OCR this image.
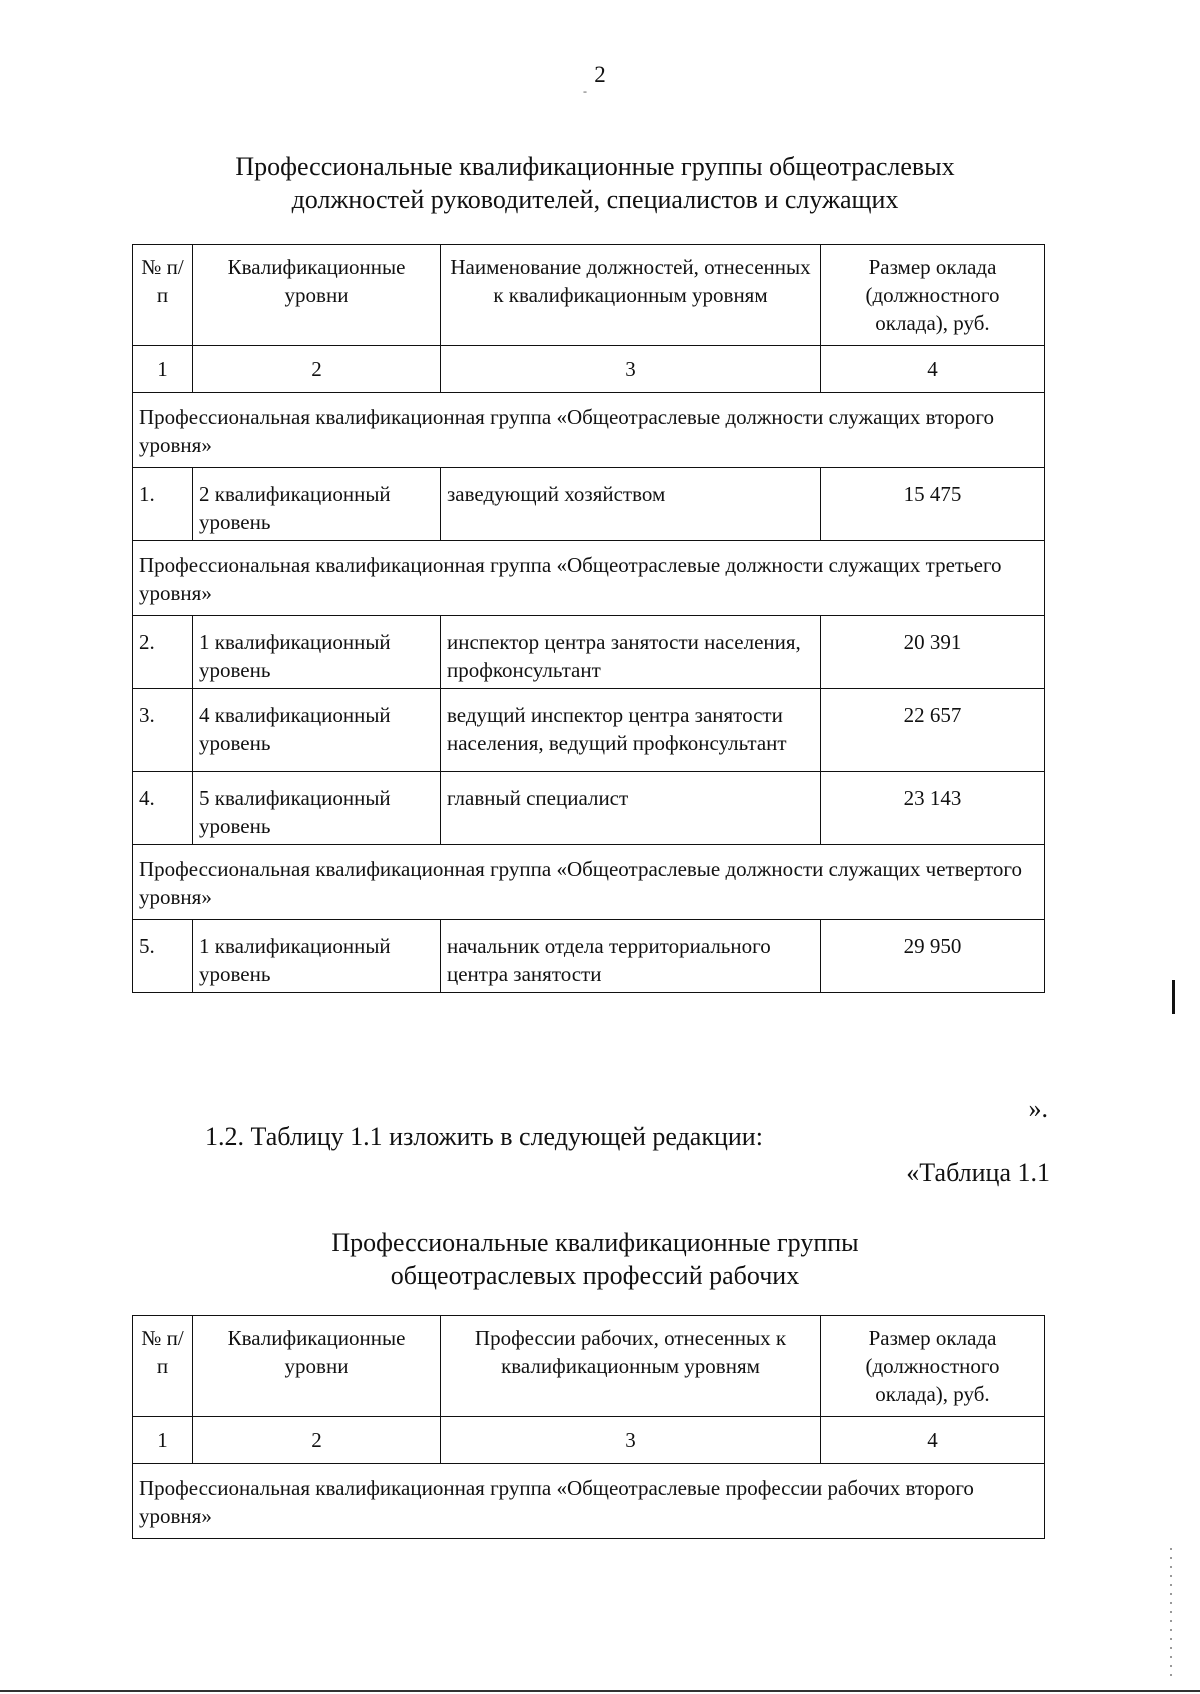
2
-
Профессиональные квалификационные группы общеотраслевых
должностей руководителей, специалистов и служащих
№ п/п	Квалификационные уровни	Наименование должностей, отнесенных к квалификационным уровням	Размер оклада (должностного оклада), руб.
1	2	3	4
Профессиональная квалификационная группа «Общеотраслевые должности служащих второго уровня»			
1.	2 квалификационный уровень	заведующий хозяйством	15 475
Профессиональная квалификационная группа «Общеотраслевые должности служащих третьего уровня»			
2.	1 квалификационный уровень	инспектор центра занятости населения, профконсультант	20 391
3.	4 квалификационный уровень	ведущий инспектор центра занятости населения, ведущий профконсультант	22 657
4.	5 квалификационный уровень	главный специалист	23 143
Профессиональная квалификационная группа «Общеотраслевые должности служащих четвертого уровня»			
5.	1 квалификационный уровень	начальник отдела территориального центра занятости	29 950
».
1.2. Таблицу 1.1 изложить в следующей редакции:
«Таблица 1.1
Профессиональные квалификационные группы
общеотраслевых профессий рабочих
№ п/п	Квалификационные уровни	Профессии рабочих, отнесенных к квалификационным уровням	Размер оклада (должностного оклада), руб.
1	2	3	4
Профессиональная квалификационная группа «Общеотраслевые профессии рабочих второго уровня»			
